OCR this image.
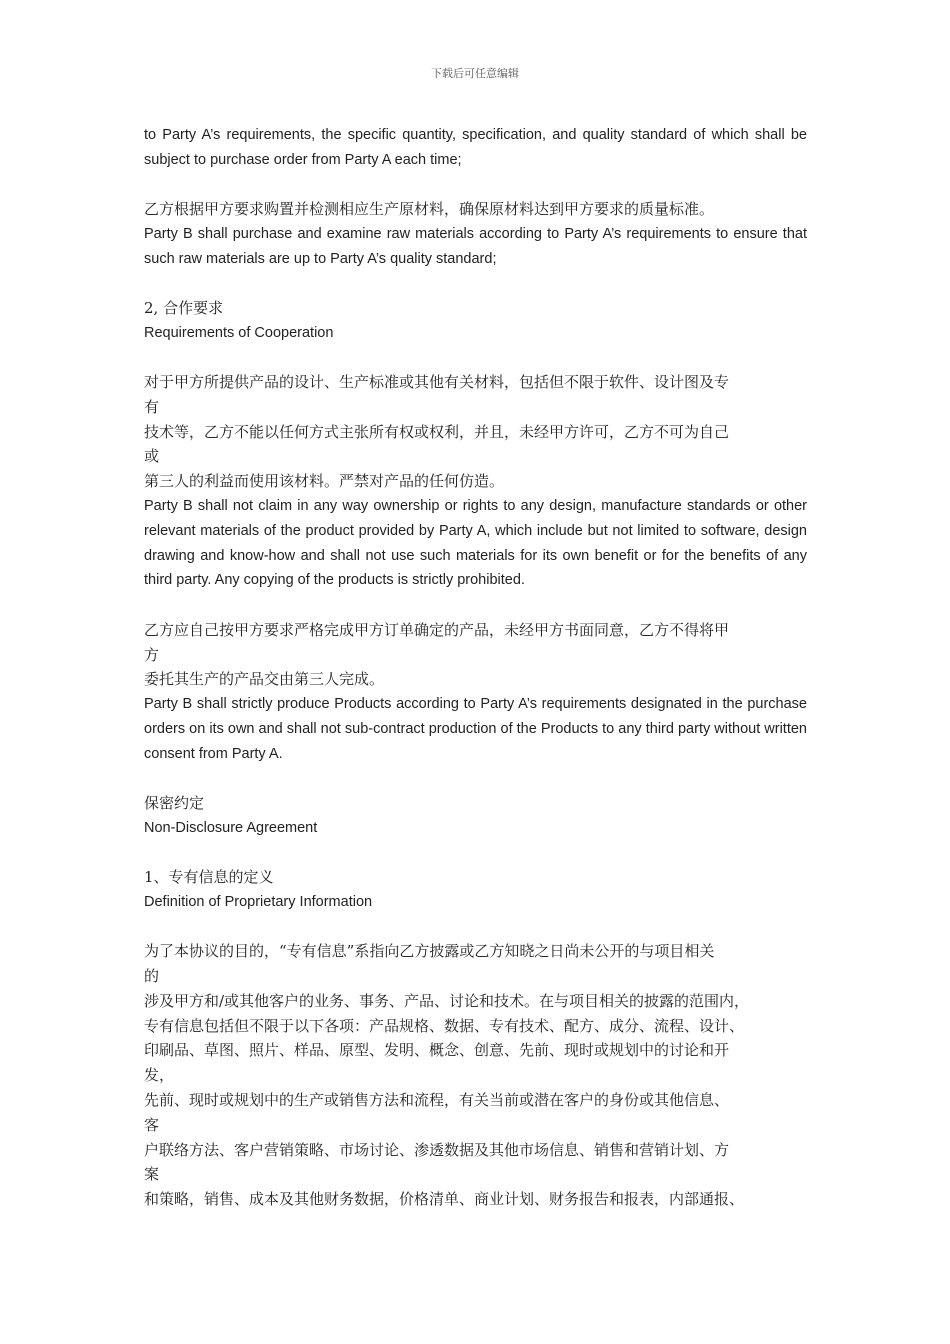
下载后可任意编辑
to Party A’s requirements, the specific quantity, specification, and quality standard of which shall be subject to purchase order from Party A each time;
乙方根据甲方要求购置并检测相应生产原材料，确保原材料达到甲方要求的质量标准。
Party B shall purchase and examine raw materials according to Party A’s requirements to ensure that such raw materials are up to Party A’s quality standard;
2, 合作要求
Requirements of Cooperation
对于甲方所提供产品的设计、生产标准或其他有关材料，包括但不限于软件、设计图及专
有
技术等，乙方不能以任何方式主张所有权或权利，并且，未经甲方许可，乙方不可为自己
或
第三人的利益而使用该材料。严禁对产品的任何仿造。
Party B shall not claim in any way ownership or rights to any design, manufacture standards or other relevant materials of the product provided by Party A, which include but not limited to software, design drawing and know-how and shall not use such materials for its own benefit or for the benefits of any third party. Any copying of the products is strictly prohibited.
乙方应自己按甲方要求严格完成甲方订单确定的产品，未经甲方书面同意，乙方不得将甲
方
委托其生产的产品交由第三人完成。
Party B shall strictly produce Products according to Party A’s requirements designated in the purchase orders on its own and shall not sub-contract production of the Products to any third party without written consent from Party A.
保密约定
Non-Disclosure Agreement
1、专有信息的定义
Definition of Proprietary Information
为了本协议的目的，“专有信息”系指向乙方披露或乙方知晓之日尚未公开的与项目相关
的
涉及甲方和/或其他客户的业务、事务、产品、讨论和技术。在与项目相关的披露的范围内，
专有信息包括但不限于以下各项：产品规格、数据、专有技术、配方、成分、流程、设计、
印刷品、草图、照片、样品、原型、发明、概念、创意、先前、现时或规划中的讨论和开
发，
先前、现时或规划中的生产或销售方法和流程，有关当前或潜在客户的身份或其他信息、
客
户联络方法、客户营销策略、市场讨论、渗透数据及其他市场信息、销售和营销计划、方
案
和策略，销售、成本及其他财务数据，价格清单、商业计划、财务报告和报表，内部通报、
